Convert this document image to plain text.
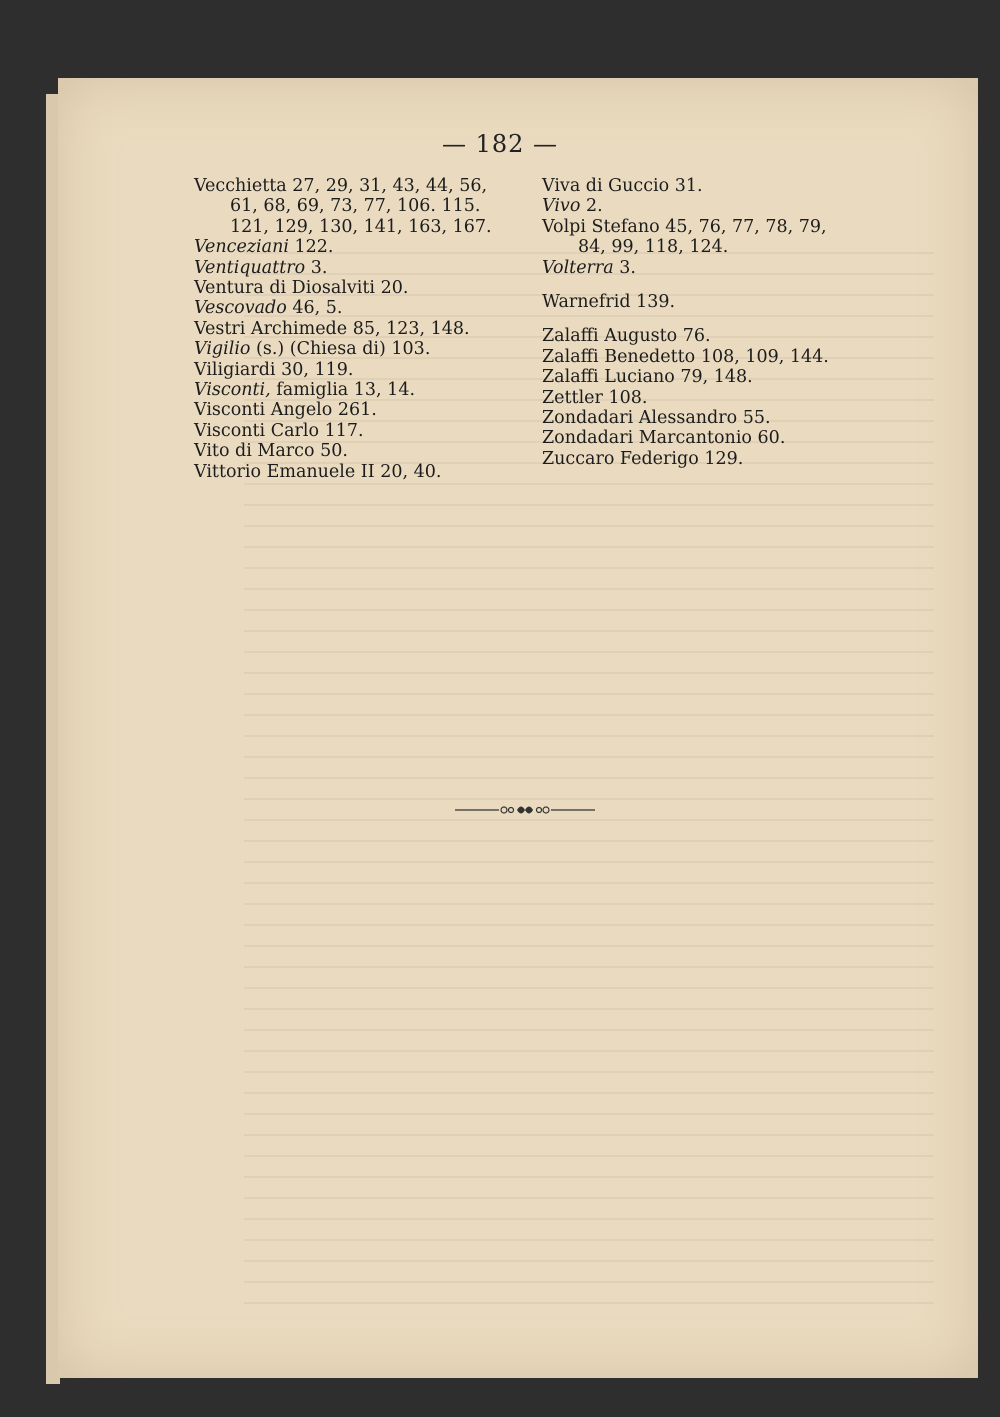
— 182 —
Vecchietta 27, 29, 31, 43, 44, 56,
61, 68, 69, 73, 77, 106. 115.
121, 129, 130, 141, 163, 167.
Venceziani 122.
Ventiquattro 3.
Ventura di Diosalviti 20.
Vescovado 46, 5.
Vestri Archimede 85, 123, 148.
Vigilio (s.) (Chiesa di) 103.
Viligiardi 30, 119.
Visconti, famiglia 13, 14.
Visconti Angelo 261.
Visconti Carlo 117.
Vito di Marco 50.
Vittorio Emanuele II 20, 40.
Viva di Guccio 31.
Vivo 2.
Volpi Stefano 45, 76, 77, 78, 79,
84, 99, 118, 124.
Volterra 3.
Warnefrid 139.
Zalaffi Augusto 76.
Zalaffi Benedetto 108, 109, 144.
Zalaffi Luciano 79, 148.
Zettler 108.
Zondadari Alessandro 55.
Zondadari Marcantonio 60.
Zuccaro Federigo 129.
